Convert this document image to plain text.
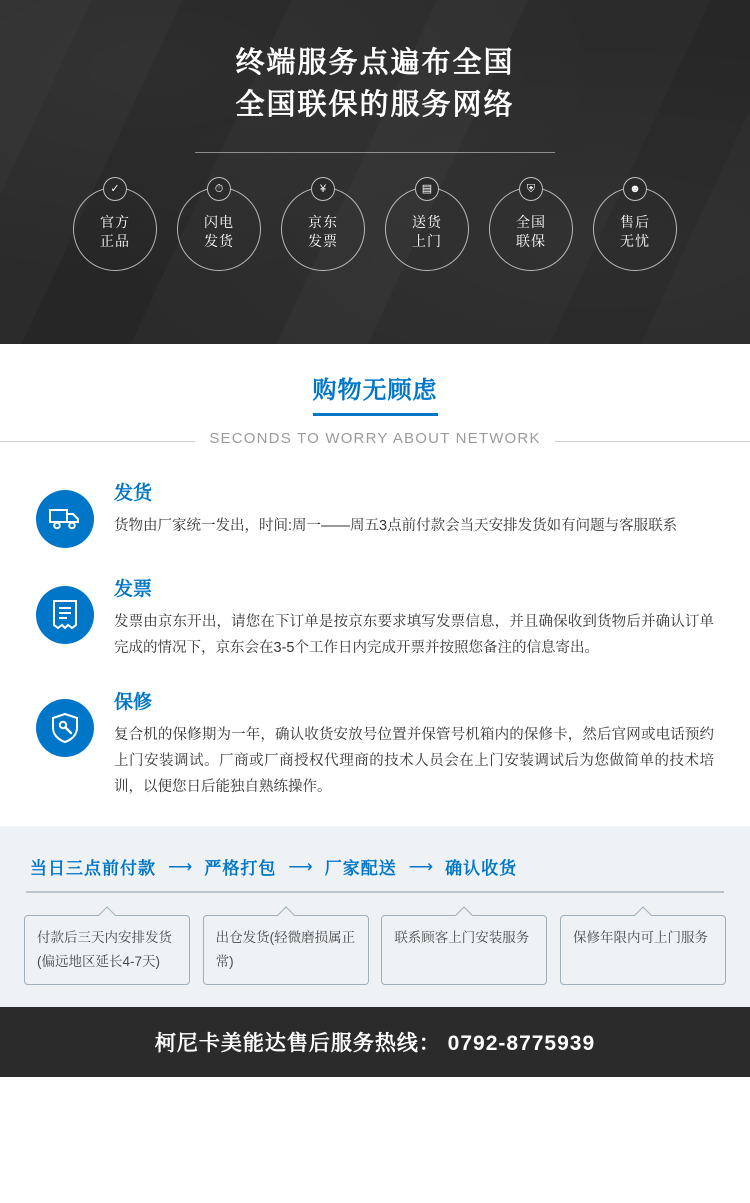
终端服务点遍布全国
全国联保的服务网络
✓
官方
正品
⏱
闪电
发货
¥
京东
发票
▤
送货
上门
⛨
全国
联保
☻
售后
无忧
购物无顾虑
SECONDS TO WORRY ABOUT NETWORK
发货
货物由厂家统一发出，时间:周一——周五3点前付款会当天安排发货如有问题与客服联系
发票
发票由京东开出，请您在下订单是按京东要求填写发票信息，并且确保收到货物后并确认订单完成的情况下，京东会在3-5个工作日内完成开票并按照您备注的信息寄出。
保修
复合机的保修期为一年，确认收货安放号位置并保管号机箱内的保修卡，然后官网或电话预约上门安装调试。厂商或厂商授权代理商的技术人员会在上门安装调试后为您做简单的技术培训，以便您日后能独自熟练操作。
当日三点前付款 ⟶ 严格打包 ⟶ 厂家配送 ⟶ 确认收货
付款后三天内安排发货(偏远地区延长4-7天)
出仓发货(轻微磨损属正常)
联系顾客上门安装服务	保修年限内可上门服务
柯尼卡美能达售后服务热线： 0792-8775939
